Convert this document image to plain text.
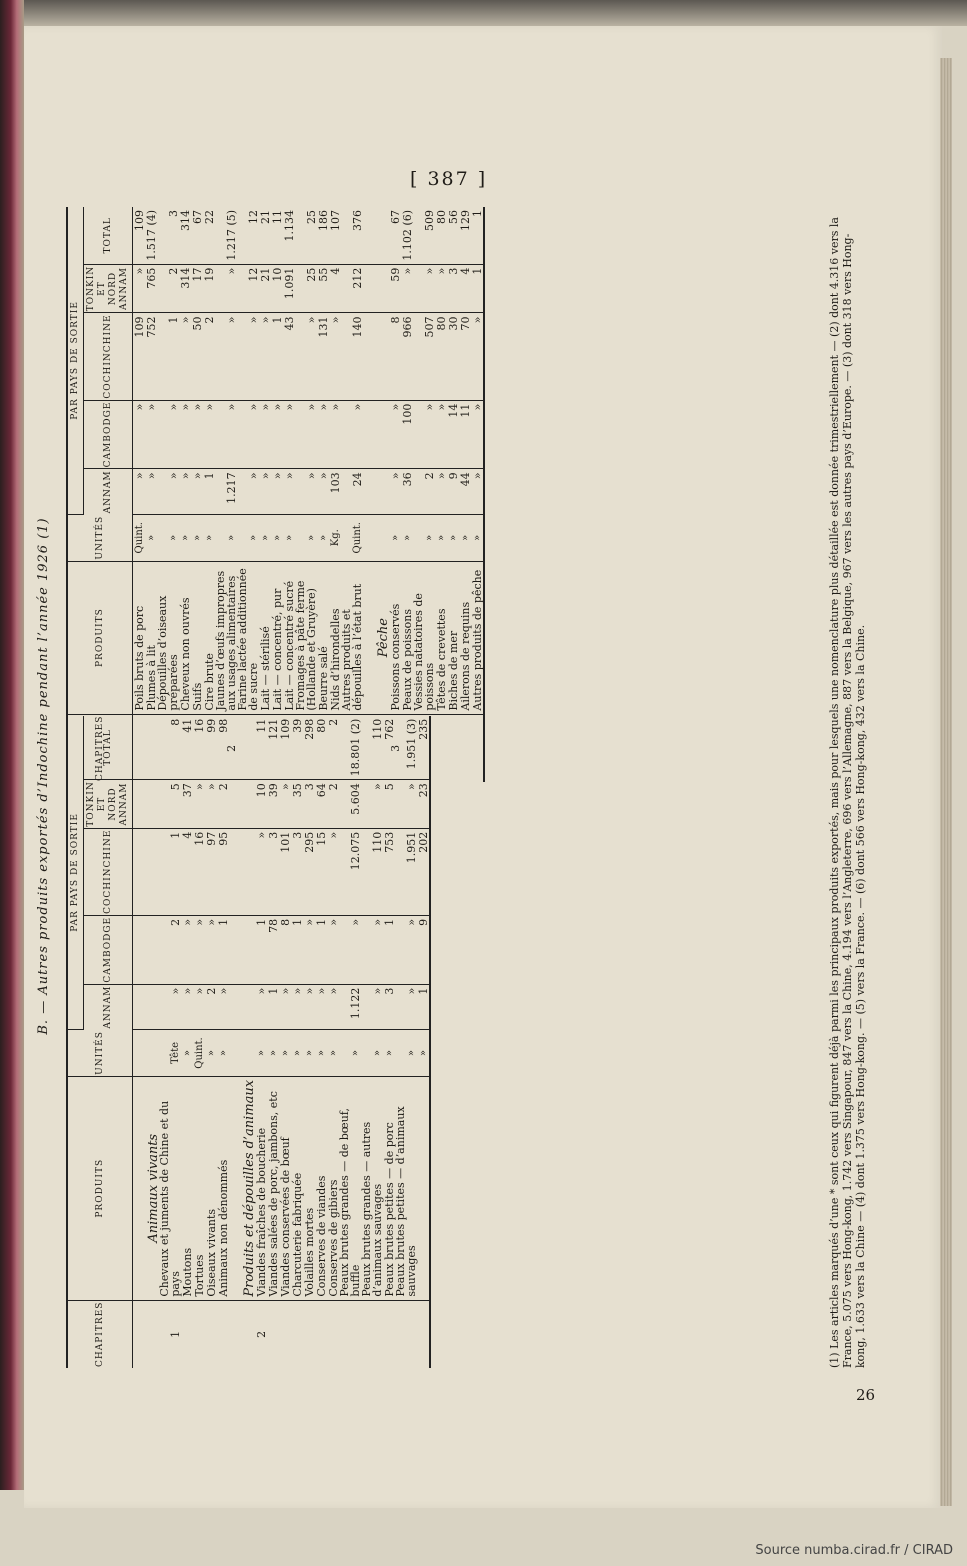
[ 387 ]
B. — Autres produits exportés d’Indochine pendant l’année 1926 (1)
CHAPITRES	PRODUITS	UNITÉS	PAR PAYS DE SORTIE				
			ANNAM	CAMBODGE	COCHINCHINE	TONKIN ET NORD ANNAM	TOTAL
	Animaux vivants						
1	Chevaux et juments de Chine et du pays	Tête	»	2	1	5	8
	Moutons	»	»	»	4	37	41
	Tortues	Quint.	»	»	16	»	16
	Oiseaux vivants	»	2	»	97	»	99
	Animaux non dénommés	»	»	1	95	2	98
	Produits et dépouilles d’animaux						
2	Viandes fraîches de boucherie	»	»	1	»	10	11
	Viandes salées de porc, jambons, etc	»	1	78	3	39	121
	Viandes conservées de bœuf	»	»	8	101	»	109
	Charcuterie fabriquée	»	»	1	3	35	39
	Volailles mortes	»	»	»	295	3	298
	Conserves de viandes	»	»	1	15	64	80
	Conserves de gibiers	»	»	»	»	2	2
	Peaux brutes grandes — de bœuf, buffle	»	1.122	»	12.075	5.604	18.801 (2)
	Peaux brutes grandes — autres d’animaux sauvages	»	»	»	110	»	110
	Peaux brutes petites — de porc	»	3	1	753	5	762
	Peaux brutes petites — d’animaux sauvages	»	»	»	1.951	»	1.951 (3)
		»	1	9	202	23	235
CHAPITRES	PRODUITS	UNITÉS	PAR PAYS DE SORTIE				
			ANNAM	CAMBODGE	COCHINCHINE	TONKIN ET NORD ANNAM	TOTAL
	Poils bruts de porc	Quint.	»	»	109	»	109
	Plumes à lit	»	»	»	752	765	1.517 (4)
	Dépouilles d’oiseaux préparées	»	»	»	1	2	3
	Cheveux non ouvrés	»	»	»	»	314	314
	Suifs	»	»	»	50	17	67
	Cire brute	»	1	»	2	19	22
2	Jaunes d’œufs impropres aux usages alimentaires	»	1.217	»	»	»	1.217 (5)
	Farine lactée additionnée de sucre	»	»	»	»	12	12
	Lait — stérilisé	»	»	»	»	21	21
	Lait — concentré, pur	»	»	»	1	10	11
	Lait — concentré sucré	»	»	»	43	1.091	1.134
	Fromages à pâte ferme (Hollande et Gruyère)	»	»	»	»	25	25
	Beurre salé	»	»	»	131	55	186
	Nids d’hirondelles	Kg.	103	»	»	4	107
	Autres produits et dépouilles à l’état brut	Quint.	24	»	140	212	376
	Pêche						
3	Poissons conservés	»	»	»	8	59	67
	Peaux de poissons	»	36	100	966	»	1.102 (6)
	Vessies natatoires de poissons	»	2	»	507	»	509
	Têtes de crevettes	»	»	»	80	»	80
	Biches de mer	»	9	14	30	3	56
	Ailerons de requins	»	44	11	70	4	129
	Autres produits de pêche	»	»	»	»	1	1
(1) Les articles marqués d’une * sont ceux qui figurent déjà parmi les principaux produits exportés, mais pour lesquels une nomenclature plus détaillée est donnée trimestriellement — (2) dont 4.316 vers la France, 5.075 vers Hong-kong, 1.742 vers Singapour, 847 vers la Chine, 4.194 vers l’Angleterre, 696 vers l’Allemagne, 887 vers la Belgique, 967 vers les autres pays d’Europe. — (3) dont 318 vers Hong-kong, 1.633 vers la Chine — (4) dont 1.375 vers Hong-kong. — (5) vers la France. — (6) dont 566 vers Hong-kong, 432 vers la Chine.
26
Source numba.cirad.fr / CIRAD
